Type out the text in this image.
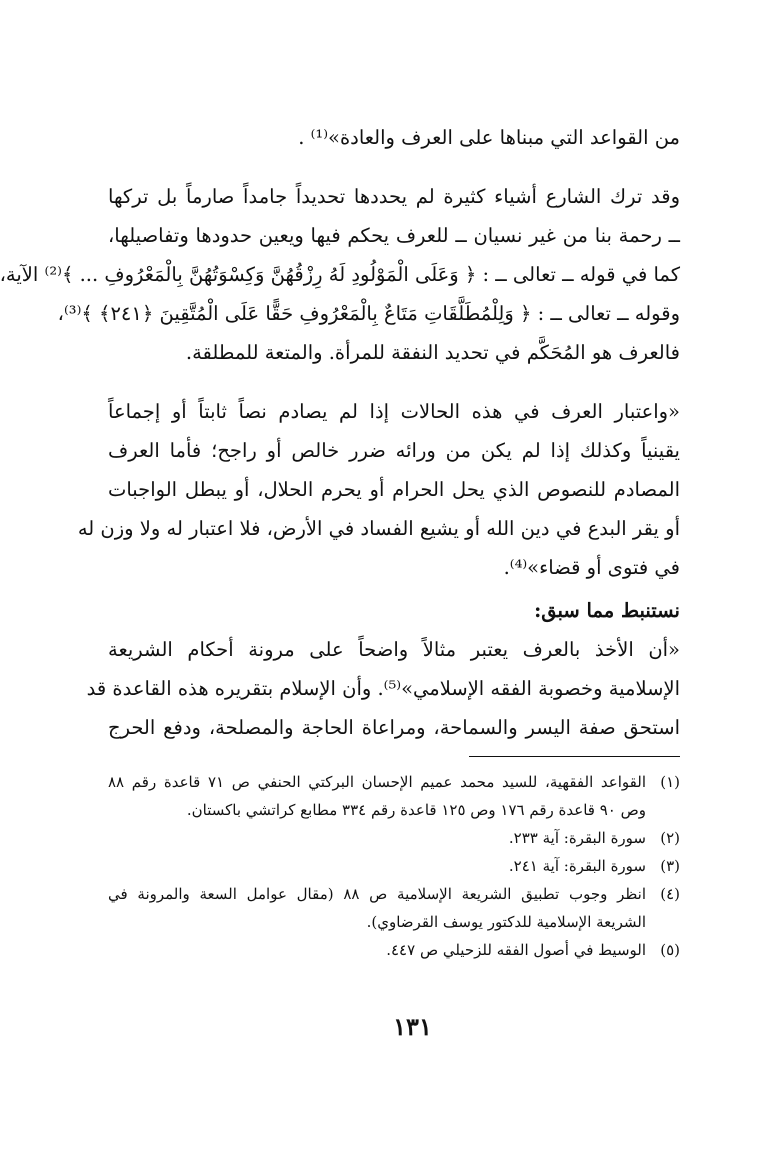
من القواعد التي مبناها على العرف والعادة»⁽¹⁾ .
وقد ترك الشارع أشياء كثيرة لم يحددها تحديداً جامداً صارماً بل تركها
ــ رحمة بنا من غير نسيان ــ للعرف يحكم فيها ويعين حدودها وتفاصيلها،
كما في قوله ــ تعالى ــ : ﴿ وَعَلَى الْمَوْلُودِ لَهُ رِزْقُهُنَّ وَكِسْوَتُهُنَّ بِالْمَعْرُوفِ ... ﴾⁽²⁾ الآية،
وقوله ــ تعالى ــ : ﴿ وَلِلْمُطَلَّقَاتِ مَتَاعٌ بِالْمَعْرُوفِ حَقًّا عَلَى الْمُتَّقِينَ ﴿٢٤١﴾ ﴾⁽³⁾،
فالعرف هو المُحَكَّم في تحديد النفقة للمرأة. والمتعة للمطلقة.
«واعتبار العرف في هذه الحالات إذا لم يصادم نصاً ثابتاً أو إجماعاً
يقينياً وكذلك إذا لم يكن من ورائه ضرر خالص أو راجح؛ فأما العرف
المصادم للنصوص الذي يحل الحرام أو يحرم الحلال، أو يبطل الواجبات
أو يقر البدع في دين الله أو يشيع الفساد في الأرض، فلا اعتبار له ولا وزن له
في فتوى أو قضاء»⁽⁴⁾.
نستنبط مما سبق:
«أن الأخذ بالعرف يعتبر مثالاً واضحاً على مرونة أحكام الشريعة
الإسلامية وخصوبة الفقه الإسلامي»⁽⁵⁾. وأن الإسلام بتقريره هذه القاعدة قد
استحق صفة اليسر والسماحة، ومراعاة الحاجة والمصلحة، ودفع الحرج
(١)
القواعد الفقهية، للسيد محمد عميم الإحسان البركتي الحنفي ص ٧١ قاعدة رقم ٨٨
وص ٩٠ قاعدة رقم ١٧٦ وص ١٢٥ قاعدة رقم ٣٣٤ مطابع كراتشي باكستان.
(٢)
سورة البقرة: آية ٢٣٣.
(٣)
سورة البقرة: آية ٢٤١.
(٤)
انظر وجوب تطبيق الشريعة الإسلامية ص ٨٨ (مقال عوامل السعة والمرونة في
الشريعة الإسلامية للدكتور يوسف القرضاوي).
(٥)
الوسيط في أصول الفقه للزحيلي ص ٤٤٧.
١٣١
